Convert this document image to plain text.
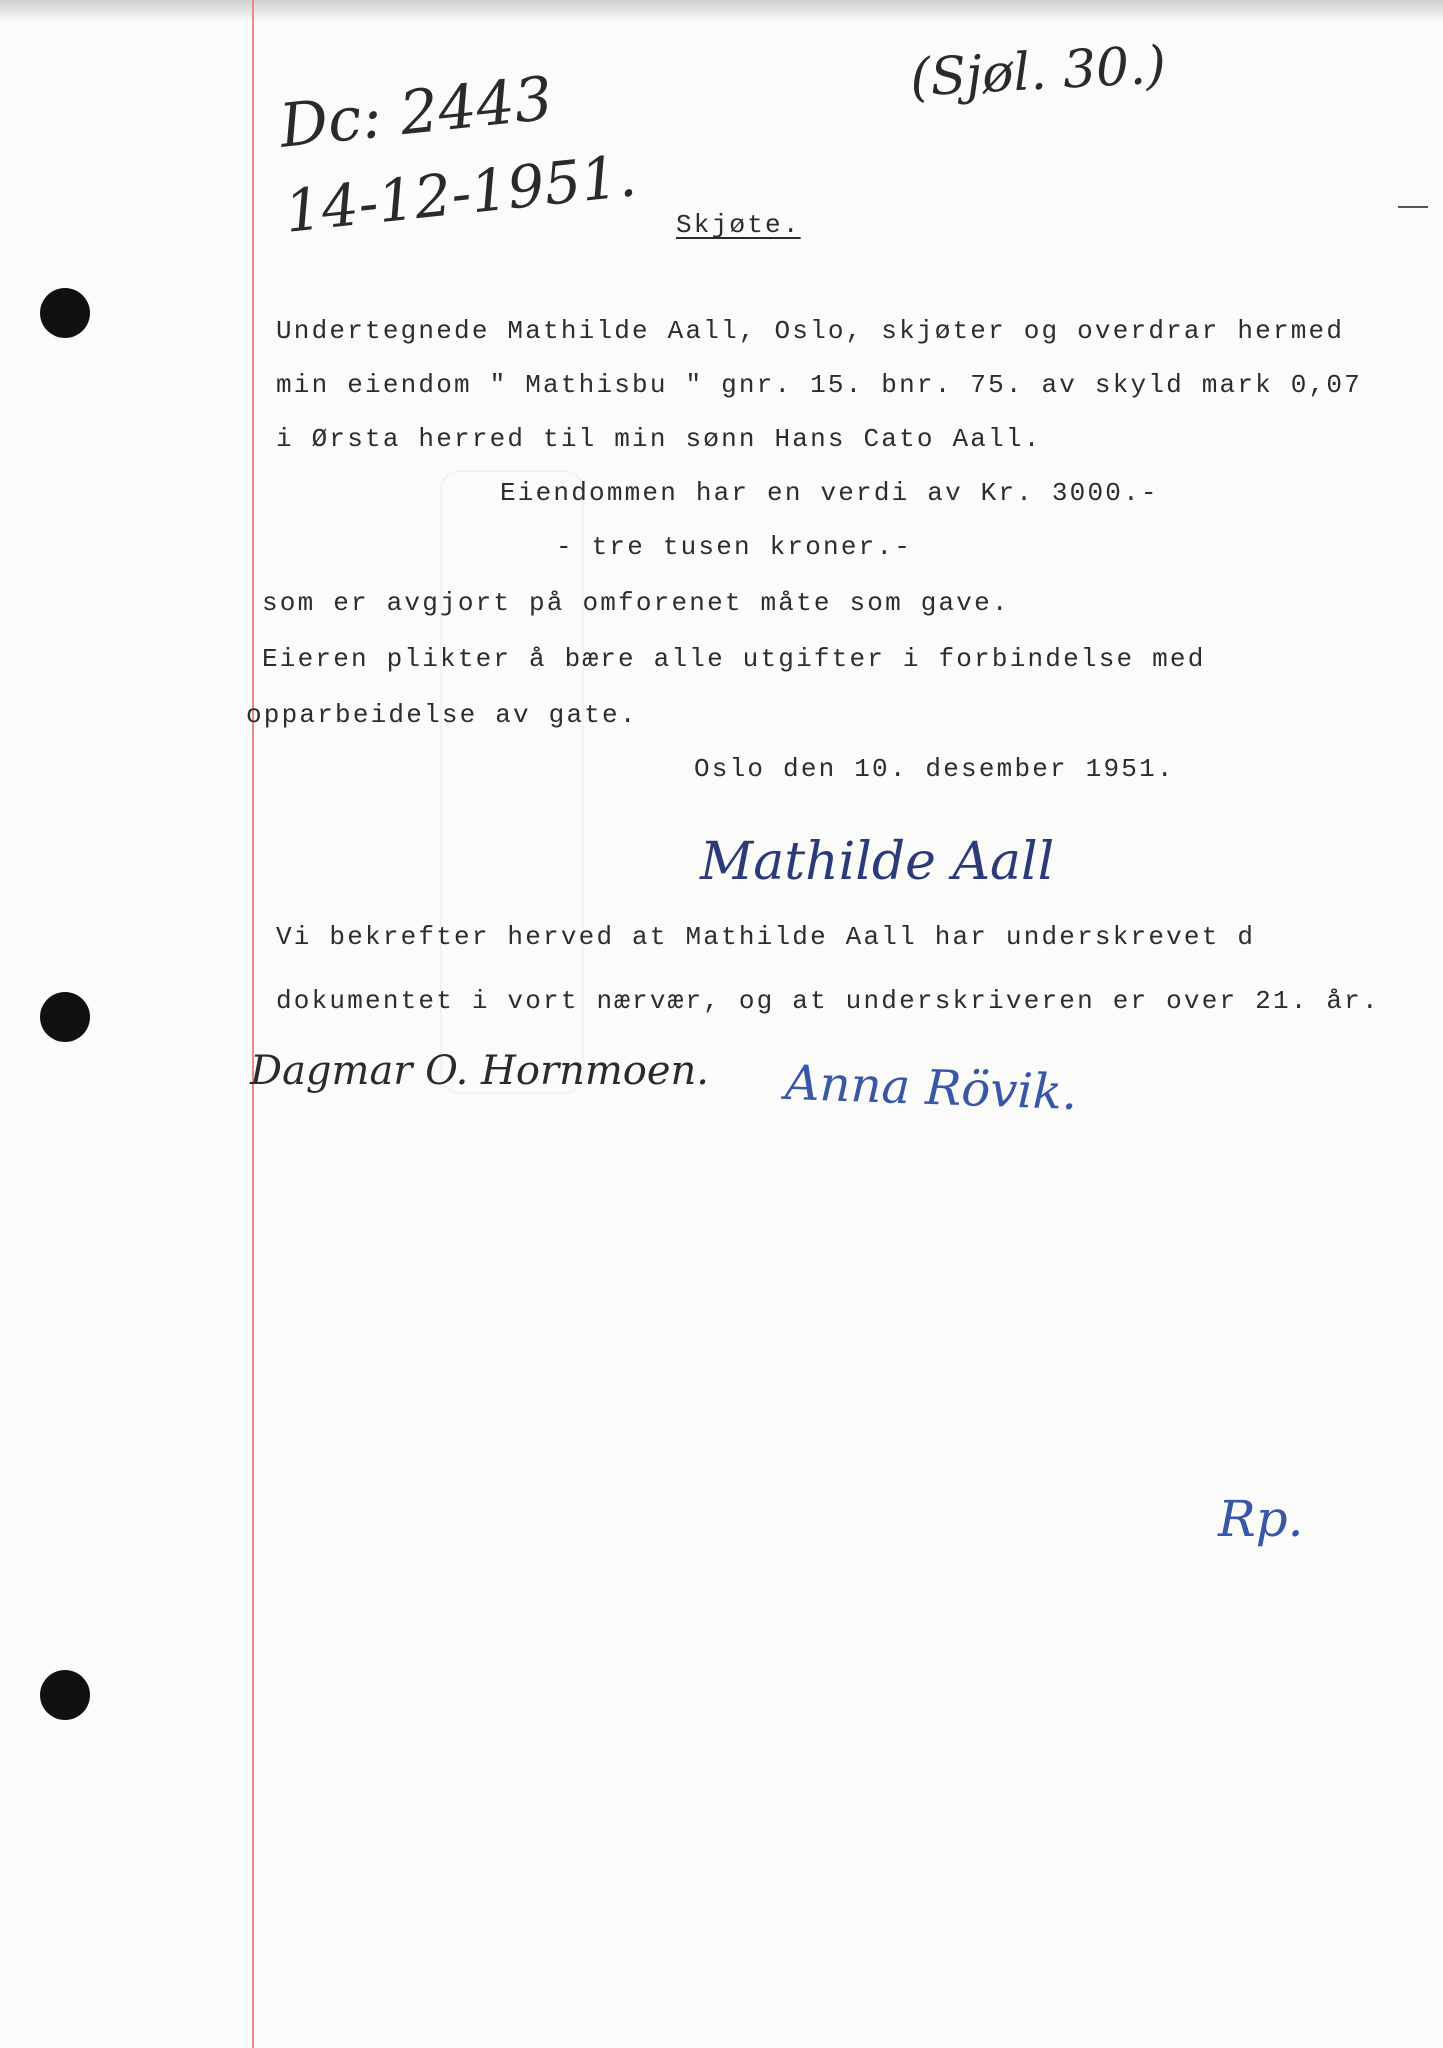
(Sjøl. 30.)
Dc: 2443
14-12-1951. Skjøte.
Undertegnede Mathilde Aall, Oslo, skjøter og overdrar hermed
min eiendom " Mathisbu " gnr. 15. bnr. 75. av skyld mark 0,07
i Ørsta herred til min sønn Hans Cato Aall.
Eiendommen har en verdi av Kr. 3000.-
- tre tusen kroner.-
som er avgjort på omforenet måte som gave.
Eieren plikter å bære alle utgifter i forbindelse med
opparbeidelse av gate.
Oslo den 10. desember 1951.
Mathilde Aall
Vi bekrefter herved at Mathilde Aall har underskrevet d
dokumentet i vort nærvær, og at underskriveren er over 21. år.
Dagmar O. Hornmoen. Anna Rövik.
Rp.
